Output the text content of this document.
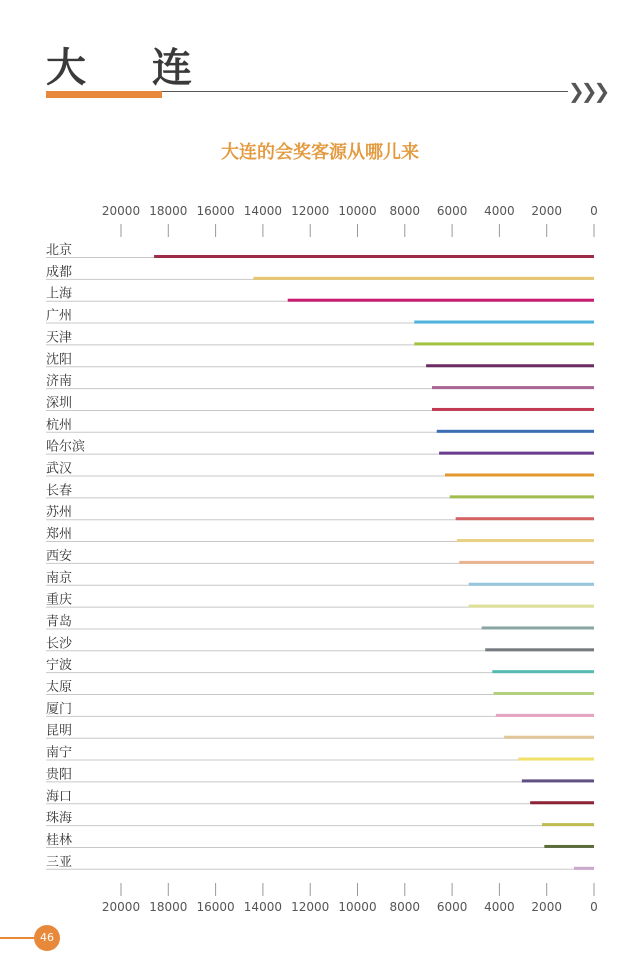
大 连	❯❯❯
大连的会奖客源从哪儿来
20000 18000 16000 14000 12000 10000 8000 6000 4000 2000 0
北京
成都
上海
广州
天津
沈阳
济南
深圳
杭州
哈尔滨
武汉
长春
苏州
郑州
西安
南京
重庆
青岛
长沙
宁波
太原
厦门
昆明
南宁
贵阳
海口
珠海
桂林
三亚
20000 18000 16000 14000 12000 10000 8000 6000 4000 2000 0
46
